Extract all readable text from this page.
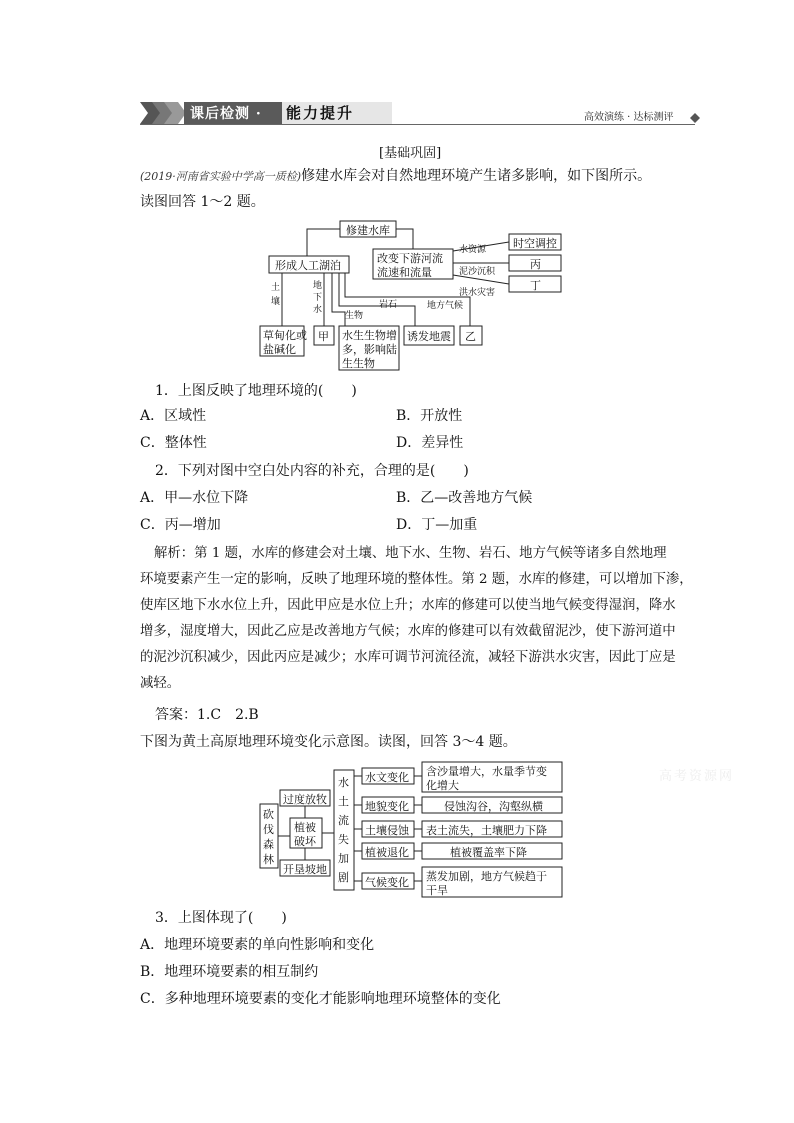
课后检测 · 能力提升	高效演练 · 达标测评
[基础巩固]
(2019·河南省实验中学高一质检)修建水库会对自然地理环境产生诸多影响，如下图所示。
读图回答 1～2 题。
修建水库
形成人工湖泊
改变下游河流
流速和流量
时空调控
丙
丁
水资源
泥沙沉积
洪水灾害
土
壤
地
下
水	岩石
生物
地方气候
草甸化或
盐碱化
甲 水生生物增
多，影响陆
生生物
诱发地震 乙
1．上图反映了地理环境的(　　)
A．区域性	B．开放性
C．整体性	D．差异性
2．下列对图中空白处内容的补充，合理的是(　　)
A．甲—水位下降	B．乙—改善地方气候
C．丙—增加	D．丁—加重
解析：第 1 题，水库的修建会对土壤、地下水、生物、岩石、地方气候等诸多自然地理
环境要素产生一定的影响，反映了地理环境的整体性。第 2 题，水库的修建，可以增加下渗，
使库区地下水水位上升，因此甲应是水位上升；水库的修建可以使当地气候变得湿润，降水
增多，湿度增大，因此乙应是改善地方气候；水库的修建可以有效截留泥沙，使下游河道中
的泥沙沉积减少，因此丙应是减少；水库可调节河流径流，减轻下游洪水灾害，因此丁应是
减轻。
答案：1.C　2.B
下图为黄土高原地理环境变化示意图。读图，回答 3～4 题。
砍
伐
森
林
过度放牧
植被
破坏
开垦坡地
水
土
流
失
加
剧
水文变化
地貌变化
土壤侵蚀
植被退化
气候变化
含沙量增大，水量季节变
化增大
侵蚀沟谷，沟壑纵横
表土流失，土壤肥力下降
植被覆盖率下降
蒸发加剧，地方气候趋于
干旱
高考资源网
3．上图体现了(　　)
A．地理环境要素的单向性影响和变化
B．地理环境要素的相互制约
C．多种地理环境要素的变化才能影响地理环境整体的变化
